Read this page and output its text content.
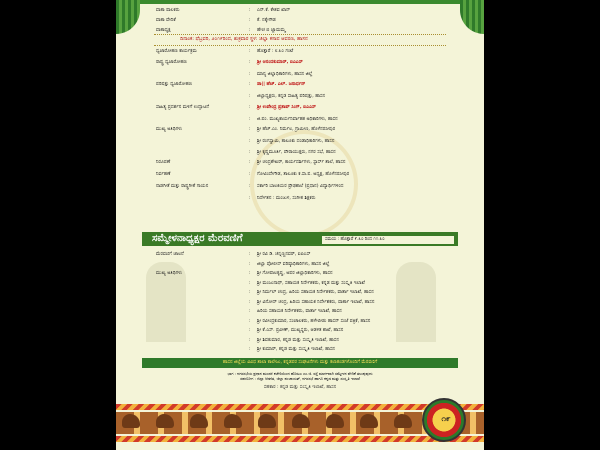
ವಾತಾ ಪಾಲಕರು	:	ಎನ್.ಕೆ. ಕೇಶವ ಖಾನ್
ವಾತಾ ವೇದಿಕೆ	:	ಕೆ. ನಕ್ಕೇಗೌಡ
ವಾತಾಧ್ಯಕ್ಷ	:	ಹೇಚ ಬಿ ಜ್ಞಾಮಮ್ಮ
ಧ್ವಜಾರೋಹಣ ಕಾರ್ಯಕ್ರಮ	:	ಹೊತ್ತಾರೆ : ೮.೩೦ ಗಂಟೆ
ರಾಷ್ಟ್ರ ಧ್ವಜಾರೋಹಣ	:	ಶ್ರೀ ಆನಂದಕುಮಾರ್, ಐಎಎಸ್
:	ಮಾನ್ಯ ಜಿಲ್ಲಾಧಿಕಾರಿಗಳು, ಹಾಸನ ಜಿಲ್ಲೆ
ಪರಿಷತ್ತು ಧ್ವಜಾರೋಹಣ	:	ಡಾ|| ಹೆಚ್. ಎಲ್. ಜನಾರ್ಧನ್
:	ಜಿಲ್ಲಾಧ್ಯಕ್ಷರು, ಕನ್ನಡ ಸಾಹಿತ್ಯ ಪರಿಷತ್ತು, ಹಾಸನ
ಸಾಹಿತ್ಯ ಪ್ರದರ್ಶನ ಮಳಿಗೆ ಉದ್ಘಾಟನೆ	:	ಶ್ರೀ ಉಪೇಂದ್ರ ಪ್ರತಾಪ್ ಸಿಂಗ್, ಐಎಎಸ್
:	ಜಿ.ಪಂ. ಮುಖ್ಯಕಾರ್ಯನಿರ್ವಾಹಕ ಅಧಿಕಾರಿಗಳು, ಹಾಸನ
ಮುಖ್ಯ ಅತಿಥಿಗಳು	:	ಶ್ರೀ ಹೆಚ್.ಎಂ. ನಿರ್ಮಲ, ಗ್ರಾಮೀಣ, ಹೊಳೆನರಸೀಪುರ
:	ಶ್ರೀ ರಂಗಸ್ವಾಮಿ, ತಾಲೂಕು ದಂಡಾಧಿಕಾರಿಗಳು, ಹಾಸನ
:	ಶ್ರೀ ಕೃಷ್ಣಮೂರ್ತಿ, ಪೌರಾಯುಕ್ತರು, ನಗರ ಸಭೆ, ಹಾಸನ
ನಿರೂಪಣೆ	:	ಶ್ರೀ ಚಂದ್ರಶೇಖರ್, ಕಾರ್ಯದರ್ಶಿಗಳು, ಸ್ಟಾರ್ಸ್ ಶಾಲೆ, ಹಾಸನ
ನಿರ್ವಹಣೆ	:	ಗೋವಿಂದೇಗೌಡ, ತಾಲೂಕು ಕ.ಸಾ.ಪ. ಅಧ್ಯಕ್ಷ, ಹೊಳೆನರಸೀಪುರ
ನಾಡಗೀತೆ ಮತ್ತು ರಾಷ್ಟ್ರಗೀತೆ ಗಾಯನ	:	ಸರ್ಕಾರಿ ಬಾಲಕಿಯರ ಪ್ರೌಢಶಾಲೆ (ಪ್ರಧಾನ) ವಿದ್ಯಾರ್ಥಿಗಳಿಂದ
:	ನಿರ್ದೇಶನ : ಮಂಜುಳ, ಸಂಗೀತ ಶಿಕ್ಷಕರು
ಮೆರವಣಿಗೆ ಚಾಲನೆ	:	ಶ್ರೀ ರವಿ ಡಿ. ಚನ್ನಣ್ಣನವರ್, ಐಪಿಎಸ್
:	ಜಿಲ್ಲಾ ಪೋಲೀಸ್ ವರಿಷ್ಠಾಧಿಕಾರಿಗಳು, ಹಾಸನ ಜಿಲ್ಲೆ
ಮುಖ್ಯ ಅತಿಥಿಗಳು	:	ಶ್ರೀ ಗೋಪಾಲಕೃಷ್ಣ, ಅಪರ ಜಿಲ್ಲಾಧಿಕಾರಿಗಳು, ಹಾಸನ
:	ಶ್ರೀ ಮಂಜುನಾಥ್, ಸಹಾಯಕ ನಿರ್ದೇಶಕರು, ಕನ್ನಡ ಮತ್ತು ಸಂಸ್ಕೃತಿ ಇಲಾಖೆ
:	ಶ್ರೀ ನಿರ್ಮಲ್ ಚಂದ್ರ, ಹಿರಿಯ ಸಹಾಯಕ ನಿರ್ದೇಶಕರು, ವಾರ್ತಾ ಇಲಾಖೆ, ಹಾಸನ
:	ಶ್ರೀ ವಿನೋದ್ ಚಂದ್ರ, ಹಿರಿಯ ಸಹಾಯಕ ನಿರ್ದೇಶಕರು, ವಾರ್ತಾ ಇಲಾಖೆ, ಹಾಸನ
:	ಹಿರಿಯ ಸಹಾಯಕ ನಿರ್ದೇಶಕರು, ವಾರ್ತಾ ಇಲಾಖೆ, ಹಾಸನ
:	ಶ್ರೀ ರವೀಂದ್ರಕುಮಾರ, ಸಂಚಾಲಕರು, ಹಳೇಬೀಡು ಹಾಸನ್ ಸಂಜೆ ಪತ್ರಿಕೆ, ಹಾಸನ
:	ಶ್ರೀ ಕೆ.ಎಸ್. ಪ್ರವೀಣ್, ಮುಖ್ಯಸ್ಥರು, ಆಡಳಿತ ಶಾಖೆ, ಹಾಸನ
:	ಶ್ರೀ ಶಿವಕುಮಾರ, ಕನ್ನಡ ಮತ್ತು ಸಂಸ್ಕೃತಿ ಇಲಾಖೆ, ಹಾಸನ
:	ಶ್ರೀ ಕುಮಾರ್, ಕನ್ನಡ ಮತ್ತು ಸಂಸ್ಕೃತಿ ಇಲಾಖೆ, ಹಾಸನ
ದಿನಾಂಕ: ಫೆಬ್ರವರಿ, ೨೦೧೯ರಿಂದ, ಶುಕ್ರವಾರ ಸ್ಥಳ: ಜಿಲ್ಲಾ ಕಸಾಪ ಆವರಣ, ಹಾಸನ
ಸಮ್ಮೇಳನಾಧ್ಯಕ್ಷರ ಮೆರವಣಿಗೆ	ಸಮಯ : ಹೊತ್ತಾರೆ ೯.೩೦ ರಿಂದ ೧೧.೩೦
ಹಾಸನ ಜಿಲ್ಲೆಯ ವಿವಿಧ ಶಾಲಾ ಕಾಲೇಜು, ಕನ್ನಡಪರ ಸಂಘಟನೆಗಳು ಮತ್ತು ಕಲಾತಂಡಗಳೊಂದಿಗೆ ಮೆರವಣಿಗೆ
ಭಾಗ : ನಗರಸಭೆಯ ಪ್ರಧಾನ ಮಂಡಳಿ ಕಚೇರಿಯಿಂದ ಹೊರಟು ಎಂ.ಜಿ. ರಸ್ತೆ ಮಾರ್ಗವಾಗಿ ಸಮ್ಮೇಳನ ವೇದಿಕೆ ತಲುಪುವುದು
ಸಹಯೋಗ : ಜಿಲ್ಲಾ ಆಡಳಿತ, ಜಿಲ್ಲಾ ಪಂಚಾಯತ್, ನಗರಸಭೆ ಹಾಗೂ ಕನ್ನಡ ಮತ್ತು ಸಂಸ್ಕೃತಿ ಇಲಾಖೆ
ಸಹಕಾರ : ಕನ್ನಡ ಮತ್ತು ಸಂಸ್ಕೃತಿ ಇಲಾಖೆ, ಹಾಸನ
೧೯
